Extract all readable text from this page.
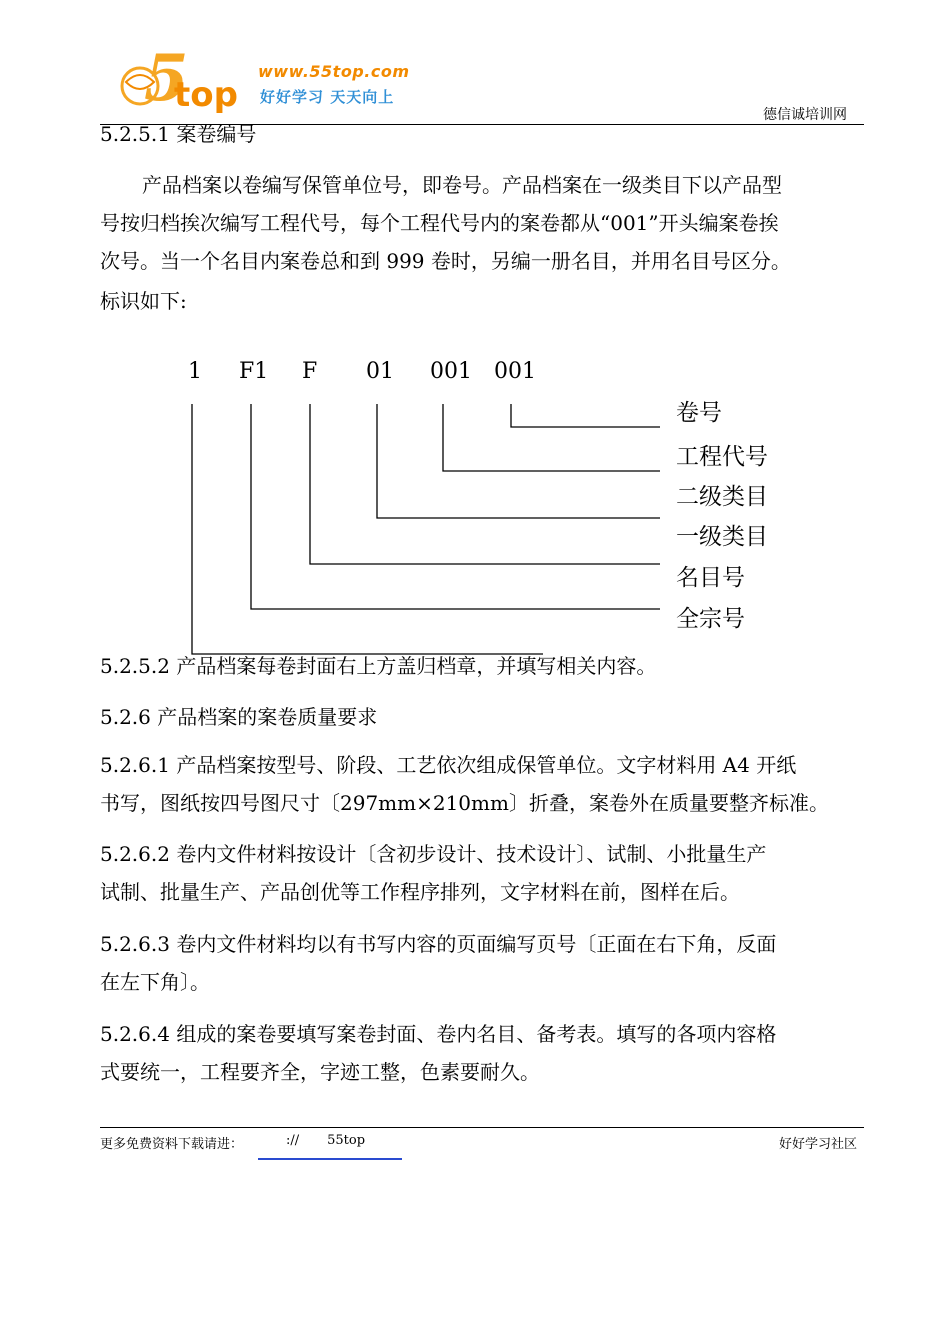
5
top
www.55top.com
好好学习 天天向上
德信诚培训网
5.2.5.1 案卷编号
产品档案以卷编写保管单位号，即卷号。产品档案在一级类目下以产品型
号按归档挨次编写工程代号，每个工程代号内的案卷都从“001”开头编案卷挨
次号。当一个名目内案卷总和到 999 卷时，另编一册名目，并用名目号区分。
标识如下:
1 F1 F 01 001 001
卷号
工程代号
二级类目
一级类目
名目号
全宗号
5.2.5.2 产品档案每卷封面右上方盖归档章，并填写相关内容。
5.2.6 产品档案的案卷质量要求
5.2.6.1 产品档案按型号、阶段、工艺依次组成保管单位。文字材料用 A4 开纸
书写，图纸按四号图尺寸〔297mm×210mm〕折叠，案卷外在质量要整齐标准。
5.2.6.2 卷内文件材料按设计〔含初步设计、技术设计〕、试制、小批量生产
试制、批量生产、产品创优等工作程序排列，文字材料在前，图样在后。
5.2.6.3 卷内文件材料均以有书写内容的页面编写页号〔正面在右下角，反面
在左下角〕。
5.2.6.4 组成的案卷要填写案卷封面、卷内名目、备考表。填写的各项内容格
式要统一，工程要齐全，字迹工整，色素要耐久。
更多免费资料下载请进：	:// 55top	好好学习社区
